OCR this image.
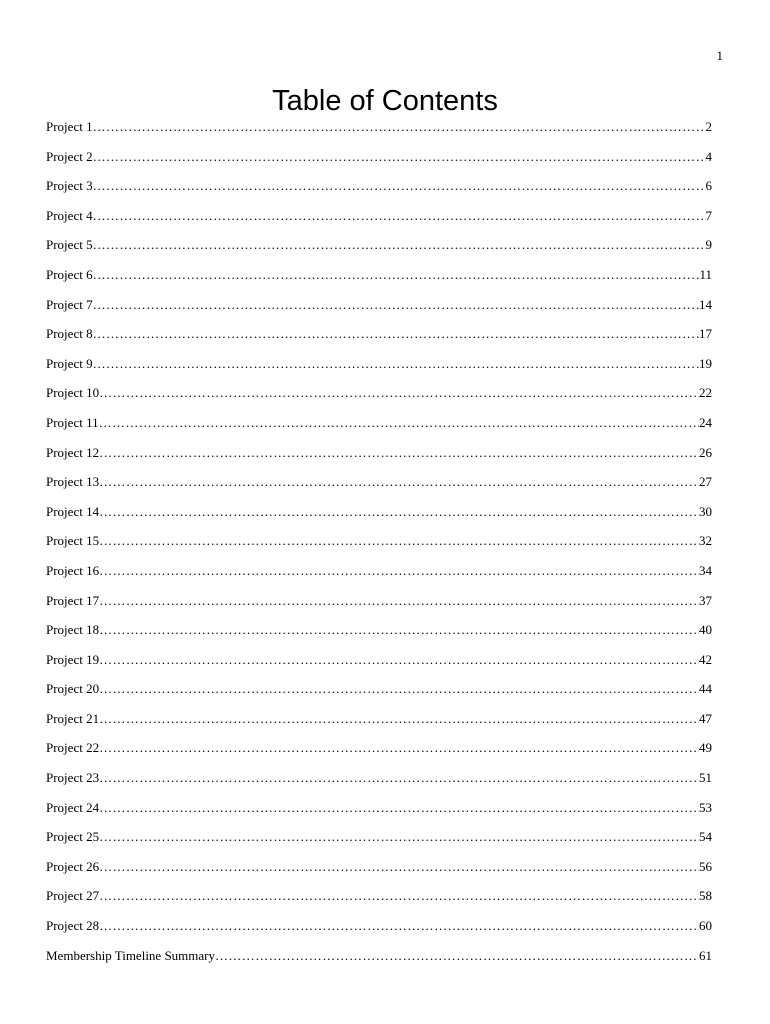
1
Table of Contents
Project 1 ……………………………………………………………………………………………………………………………………………………………………………………………	2
Project 2 ……………………………………………………………………………………………………………………………………………………………………………………………	4
Project 3 ……………………………………………………………………………………………………………………………………………………………………………………………	6
Project 4 ……………………………………………………………………………………………………………………………………………………………………………………………	7
Project 5 ……………………………………………………………………………………………………………………………………………………………………………………………	9
Project 6 ……………………………………………………………………………………………………………………………………………………………………………………………	11
Project 7 ……………………………………………………………………………………………………………………………………………………………………………………………	14
Project 8 ……………………………………………………………………………………………………………………………………………………………………………………………	17
Project 9 ……………………………………………………………………………………………………………………………………………………………………………………………	19
Project 10 ……………………………………………………………………………………………………………………………………………………………………………………………	22
Project 11 ……………………………………………………………………………………………………………………………………………………………………………………………	24
Project 12 ……………………………………………………………………………………………………………………………………………………………………………………………	26
Project 13 ……………………………………………………………………………………………………………………………………………………………………………………………	27
Project 14 ……………………………………………………………………………………………………………………………………………………………………………………………	30
Project 15 ……………………………………………………………………………………………………………………………………………………………………………………………	32
Project 16 ……………………………………………………………………………………………………………………………………………………………………………………………	34
Project 17 ……………………………………………………………………………………………………………………………………………………………………………………………	37
Project 18 ……………………………………………………………………………………………………………………………………………………………………………………………	40
Project 19 ……………………………………………………………………………………………………………………………………………………………………………………………	42
Project 20 ……………………………………………………………………………………………………………………………………………………………………………………………	44
Project 21 ……………………………………………………………………………………………………………………………………………………………………………………………	47
Project 22 ……………………………………………………………………………………………………………………………………………………………………………………………	49
Project 23 ……………………………………………………………………………………………………………………………………………………………………………………………	51
Project 24 ……………………………………………………………………………………………………………………………………………………………………………………………	53
Project 25 ……………………………………………………………………………………………………………………………………………………………………………………………	54
Project 26 ……………………………………………………………………………………………………………………………………………………………………………………………	56
Project 27 ……………………………………………………………………………………………………………………………………………………………………………………………	58
Project 28 ……………………………………………………………………………………………………………………………………………………………………………………………	60
Membership Timeline Summary ……………………………………………………………………………………………………………………………………………………………………………………………	61
